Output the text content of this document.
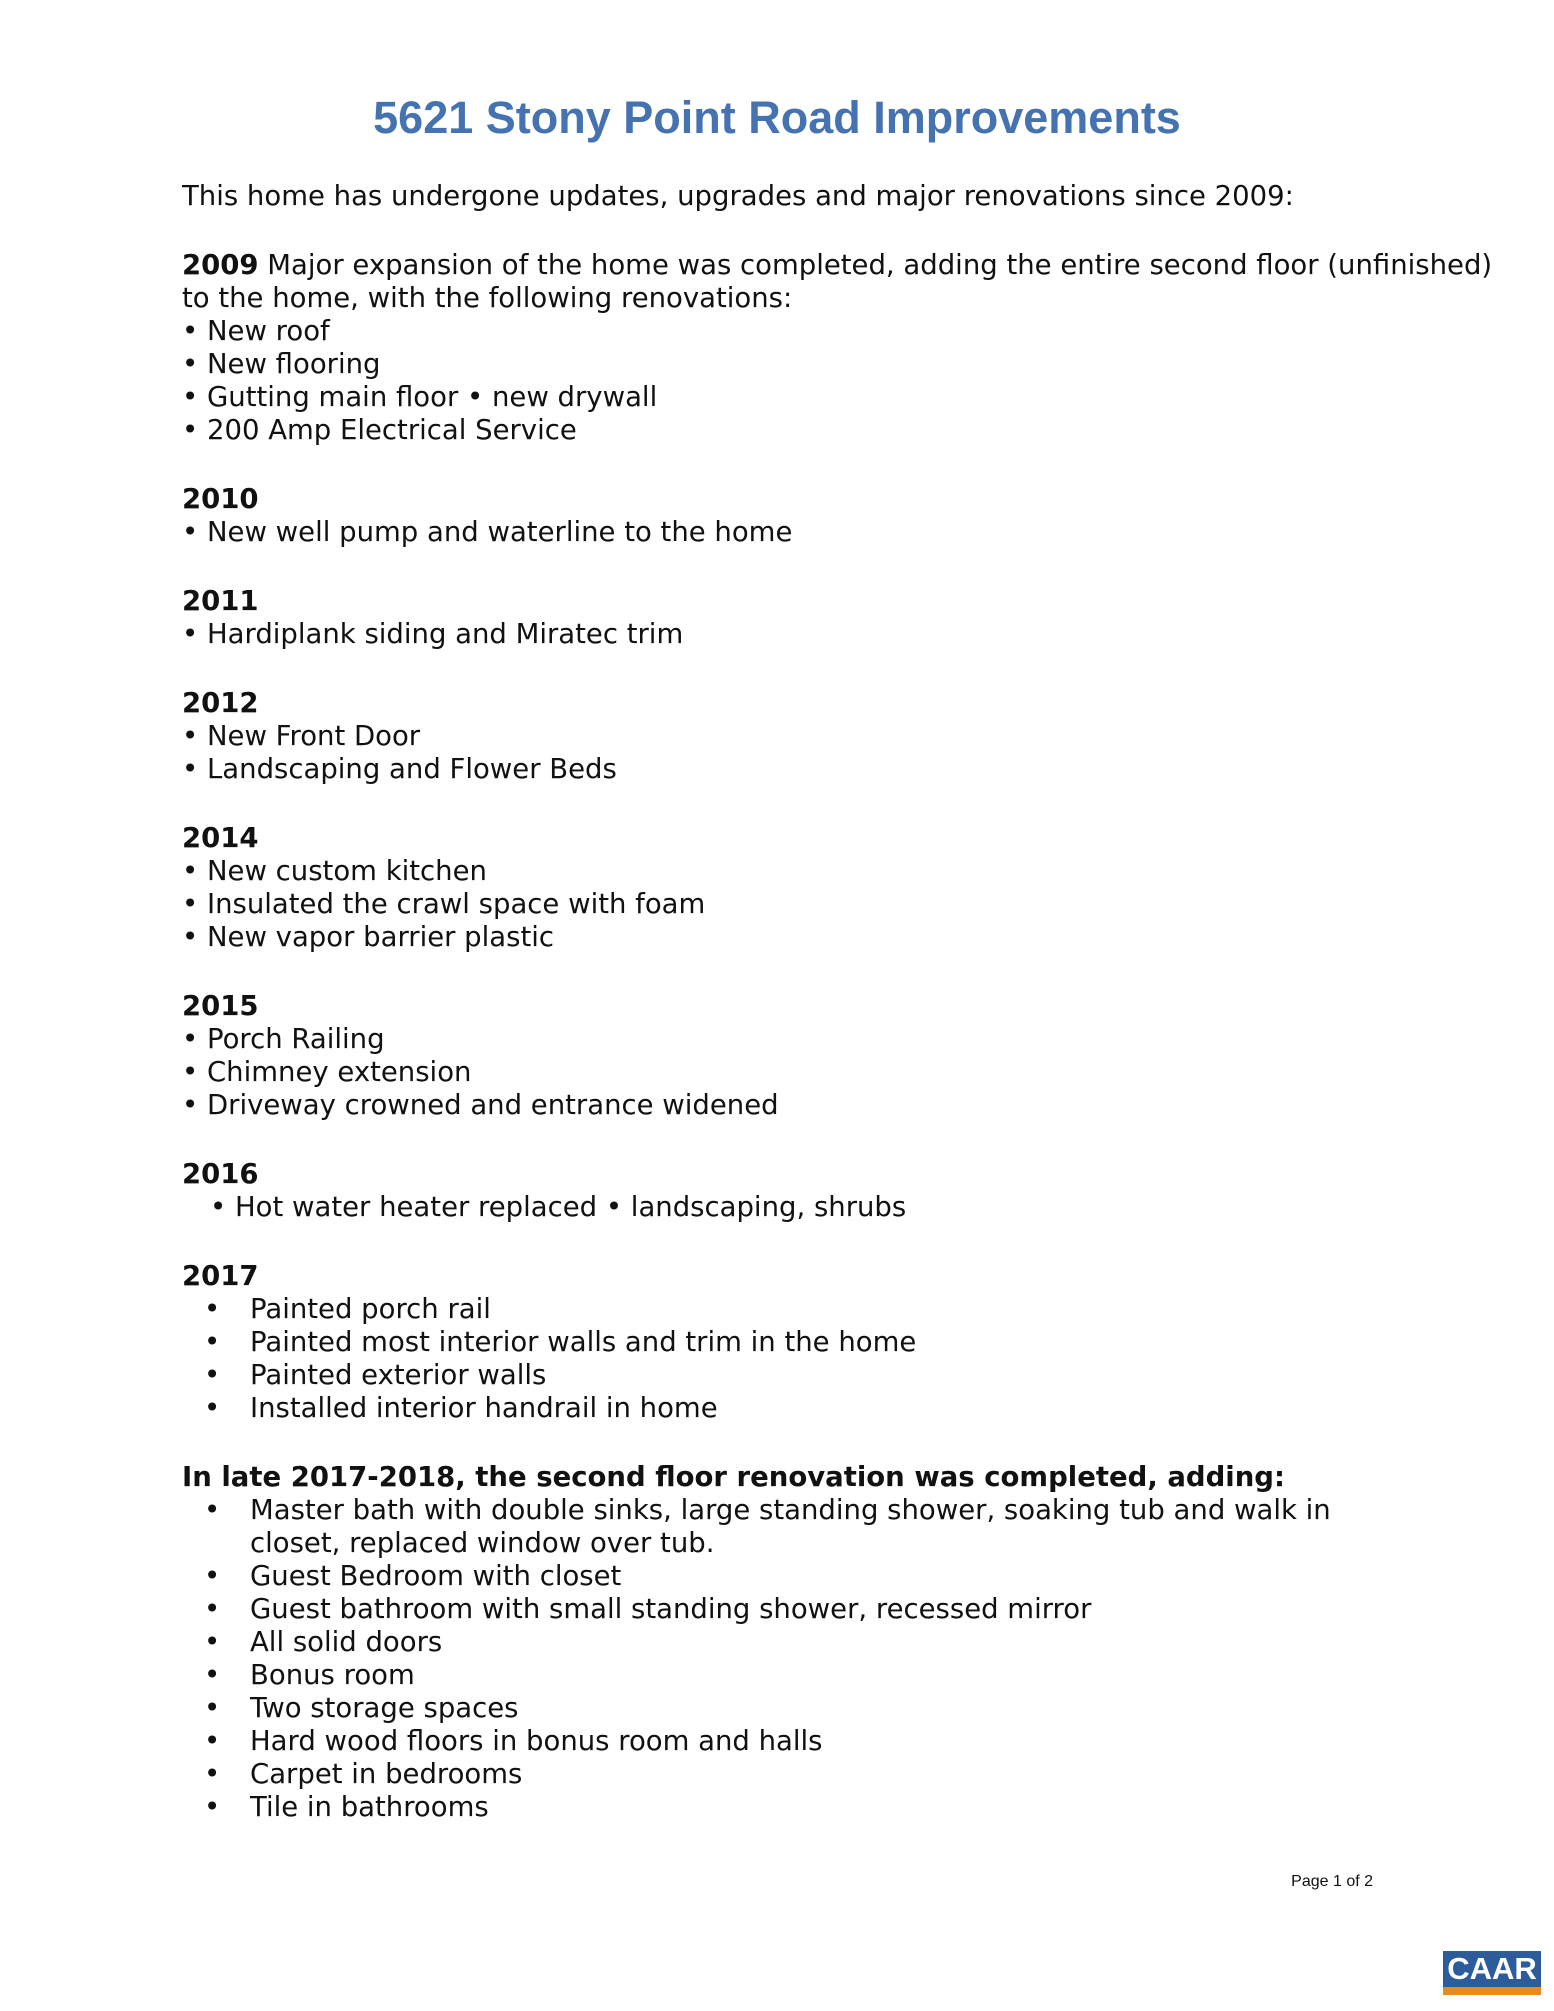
5621 Stony Point Road Improvements
This home has undergone updates, upgrades and major renovations since 2009:
2009 Major expansion of the home was completed, adding the entire second floor (unfinished)
to the home, with the following renovations:
• New roof
• New flooring
• Gutting main floor • new drywall
• 200 Amp Electrical Service
2010
• New well pump and waterline to the home
2011
• Hardiplank siding and Miratec trim
2012
• New Front Door
• Landscaping and Flower Beds
2014
• New custom kitchen
• Insulated the crawl space with foam
• New vapor barrier plastic
2015
• Porch Railing
• Chimney extension
• Driveway crowned and entrance widened
2016
• Hot water heater replaced • landscaping, shrubs
2017
•	Painted porch rail
•	Painted most interior walls and trim in the home
•	Painted exterior walls
•	Installed interior handrail in home
In late 2017-2018, the second floor renovation was completed, adding:
•	Master bath with double sinks, large standing shower, soaking tub and walk in closet, replaced window over tub.
•	Guest Bedroom with closet
•	Guest bathroom with small standing shower, recessed mirror
•	All solid doors
•	Bonus room
•	Two storage spaces
•	Hard wood floors in bonus room and halls
•	Carpet in bedrooms
•	Tile in bathrooms
Page 1 of 2
CAAR
